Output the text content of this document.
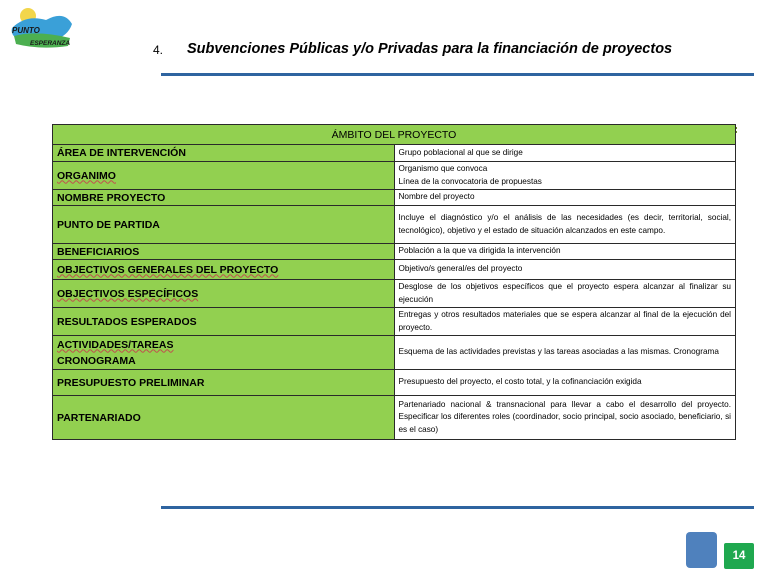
PUNTO
ESPERANZA	4. Subvenciones Públicas y/o Privadas para la financiación de proyectos
ÁMBITO DEL PROYECTO	
ÁREA DE INTERVENCIÓN	Grupo poblacional al que se dirige

ORGANIMO	Organismo que convoca
Línea de la convocatoria de propuestas

NOMBRE PROYECTO	Nombre del proyecto

PUNTO DE PARTIDA	Incluye el diagnóstico y/o el análisis de las necesidades (es decir, territorial, social, tecnológico), objetivo y el estado de situación alcanzados en este campo.

BENEFICIARIOS	Población a la que va dirigida la intervención

OBJECTIVOS GENERALES DEL PROYECTO	Objetivo/s general/es del proyecto

OBJECTIVOS ESPECÍFICOS	Desglose de los objetivos específicos que el proyecto espera alcanzar al finalizar su ejecución

RESULTADOS ESPERADOS	Entregas y otros resultados materiales que se espera alcanzar al final de la ejecución del proyecto.

ACTIVIDADES/TAREAS
CRONOGRAMA	Esquema de las actividades previstas y las tareas asociadas a las mismas. Cronograma

PRESUPUESTO PRELIMINAR	Presupuesto del proyecto, el costo total, y la cofinanciación exigida

PARTENARIADO	Partenariado nacional & transnacional para llevar a cabo el desarrollo del proyecto. Especificar los diferentes roles (coordinador, socio principal, socio asociado, beneficiario, si es el caso)
14
